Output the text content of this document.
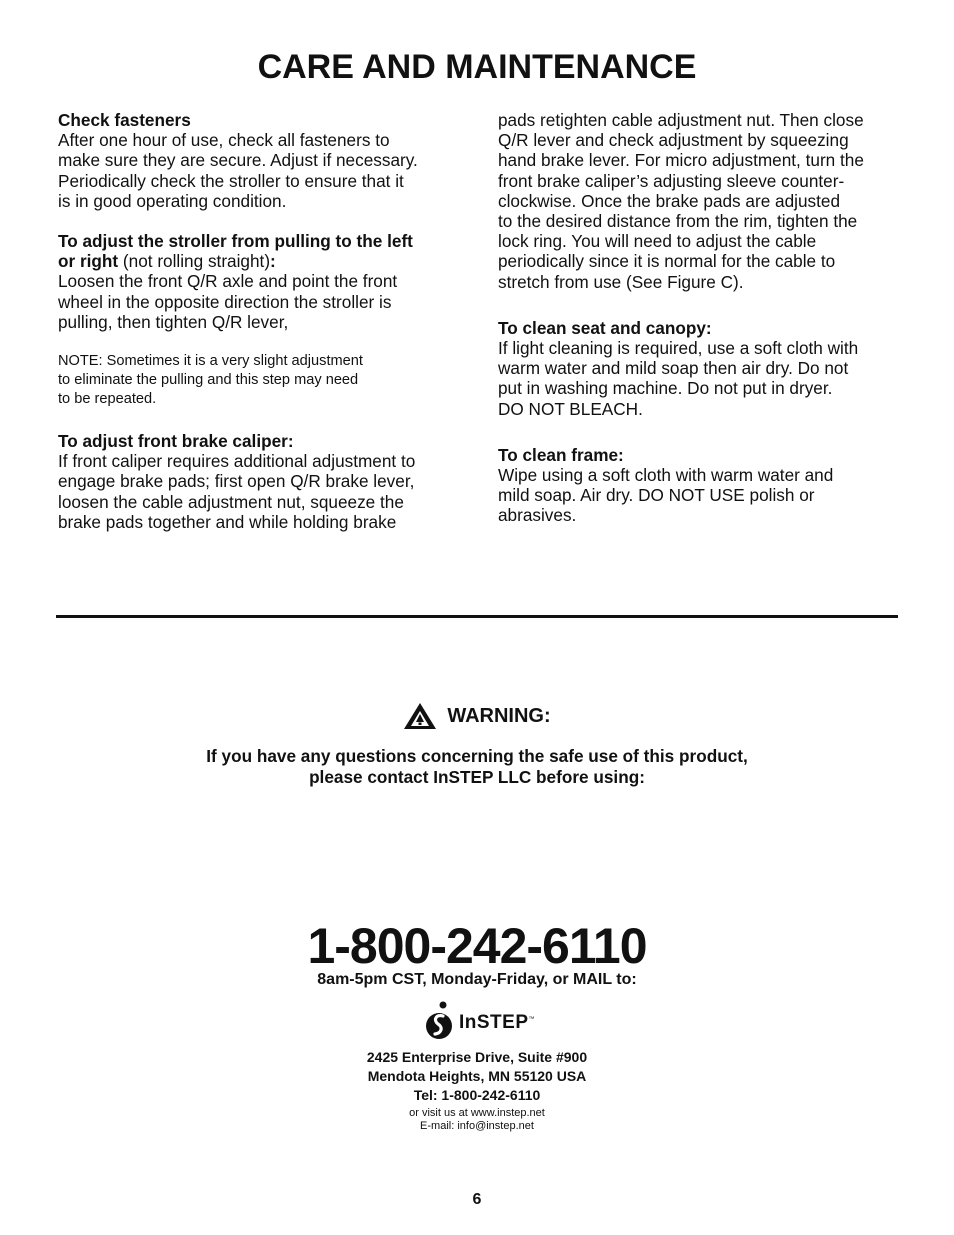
CARE AND MAINTENANCE
Check fasteners
After one hour of use, check all fasteners to
make sure they are secure. Adjust if necessary.
Periodically check the stroller to ensure that it
is in good operating condition.
To adjust the stroller from pulling to the left
or right (not rolling straight):
Loosen the front Q/R axle and point the front
wheel in the opposite direction the stroller is
pulling, then tighten Q/R lever,
NOTE: Sometimes it is a very slight adjustment
to eliminate the pulling and this step may need
to be repeated.
To adjust front brake caliper:
If front caliper requires additional adjustment to
engage brake pads; first open Q/R brake lever,
loosen the cable adjustment nut, squeeze the
brake pads together and while holding brake
pads retighten cable adjustment nut. Then close
Q/R lever and check adjustment by squeezing
hand brake lever. For micro adjustment, turn the
front brake caliper’s adjusting sleeve counter-
clockwise. Once the brake pads are adjusted
to the desired distance from the rim, tighten the
lock ring. You will need to adjust the cable
periodically since it is normal for the cable to
stretch from use (See Figure C).
To clean seat and canopy:
If light cleaning is required, use a soft cloth with
warm water and mild soap then air dry. Do not
put in washing machine. Do not put in dryer.
DO NOT BLEACH.
To clean frame:
Wipe using a soft cloth with warm water and
mild soap. Air dry. DO NOT USE polish or
abrasives.
WARNING:
If you have any questions concerning the safe use of this product,
please contact InSTEP LLC before using:
1-800-242-6110
8am-5pm CST, Monday-Friday, or MAIL to:
InSTEP™
2425 Enterprise Drive, Suite #900
Mendota Heights, MN 55120 USA
Tel: 1-800-242-6110
or visit us at www.instep.net
E-mail: info@instep.net
6
